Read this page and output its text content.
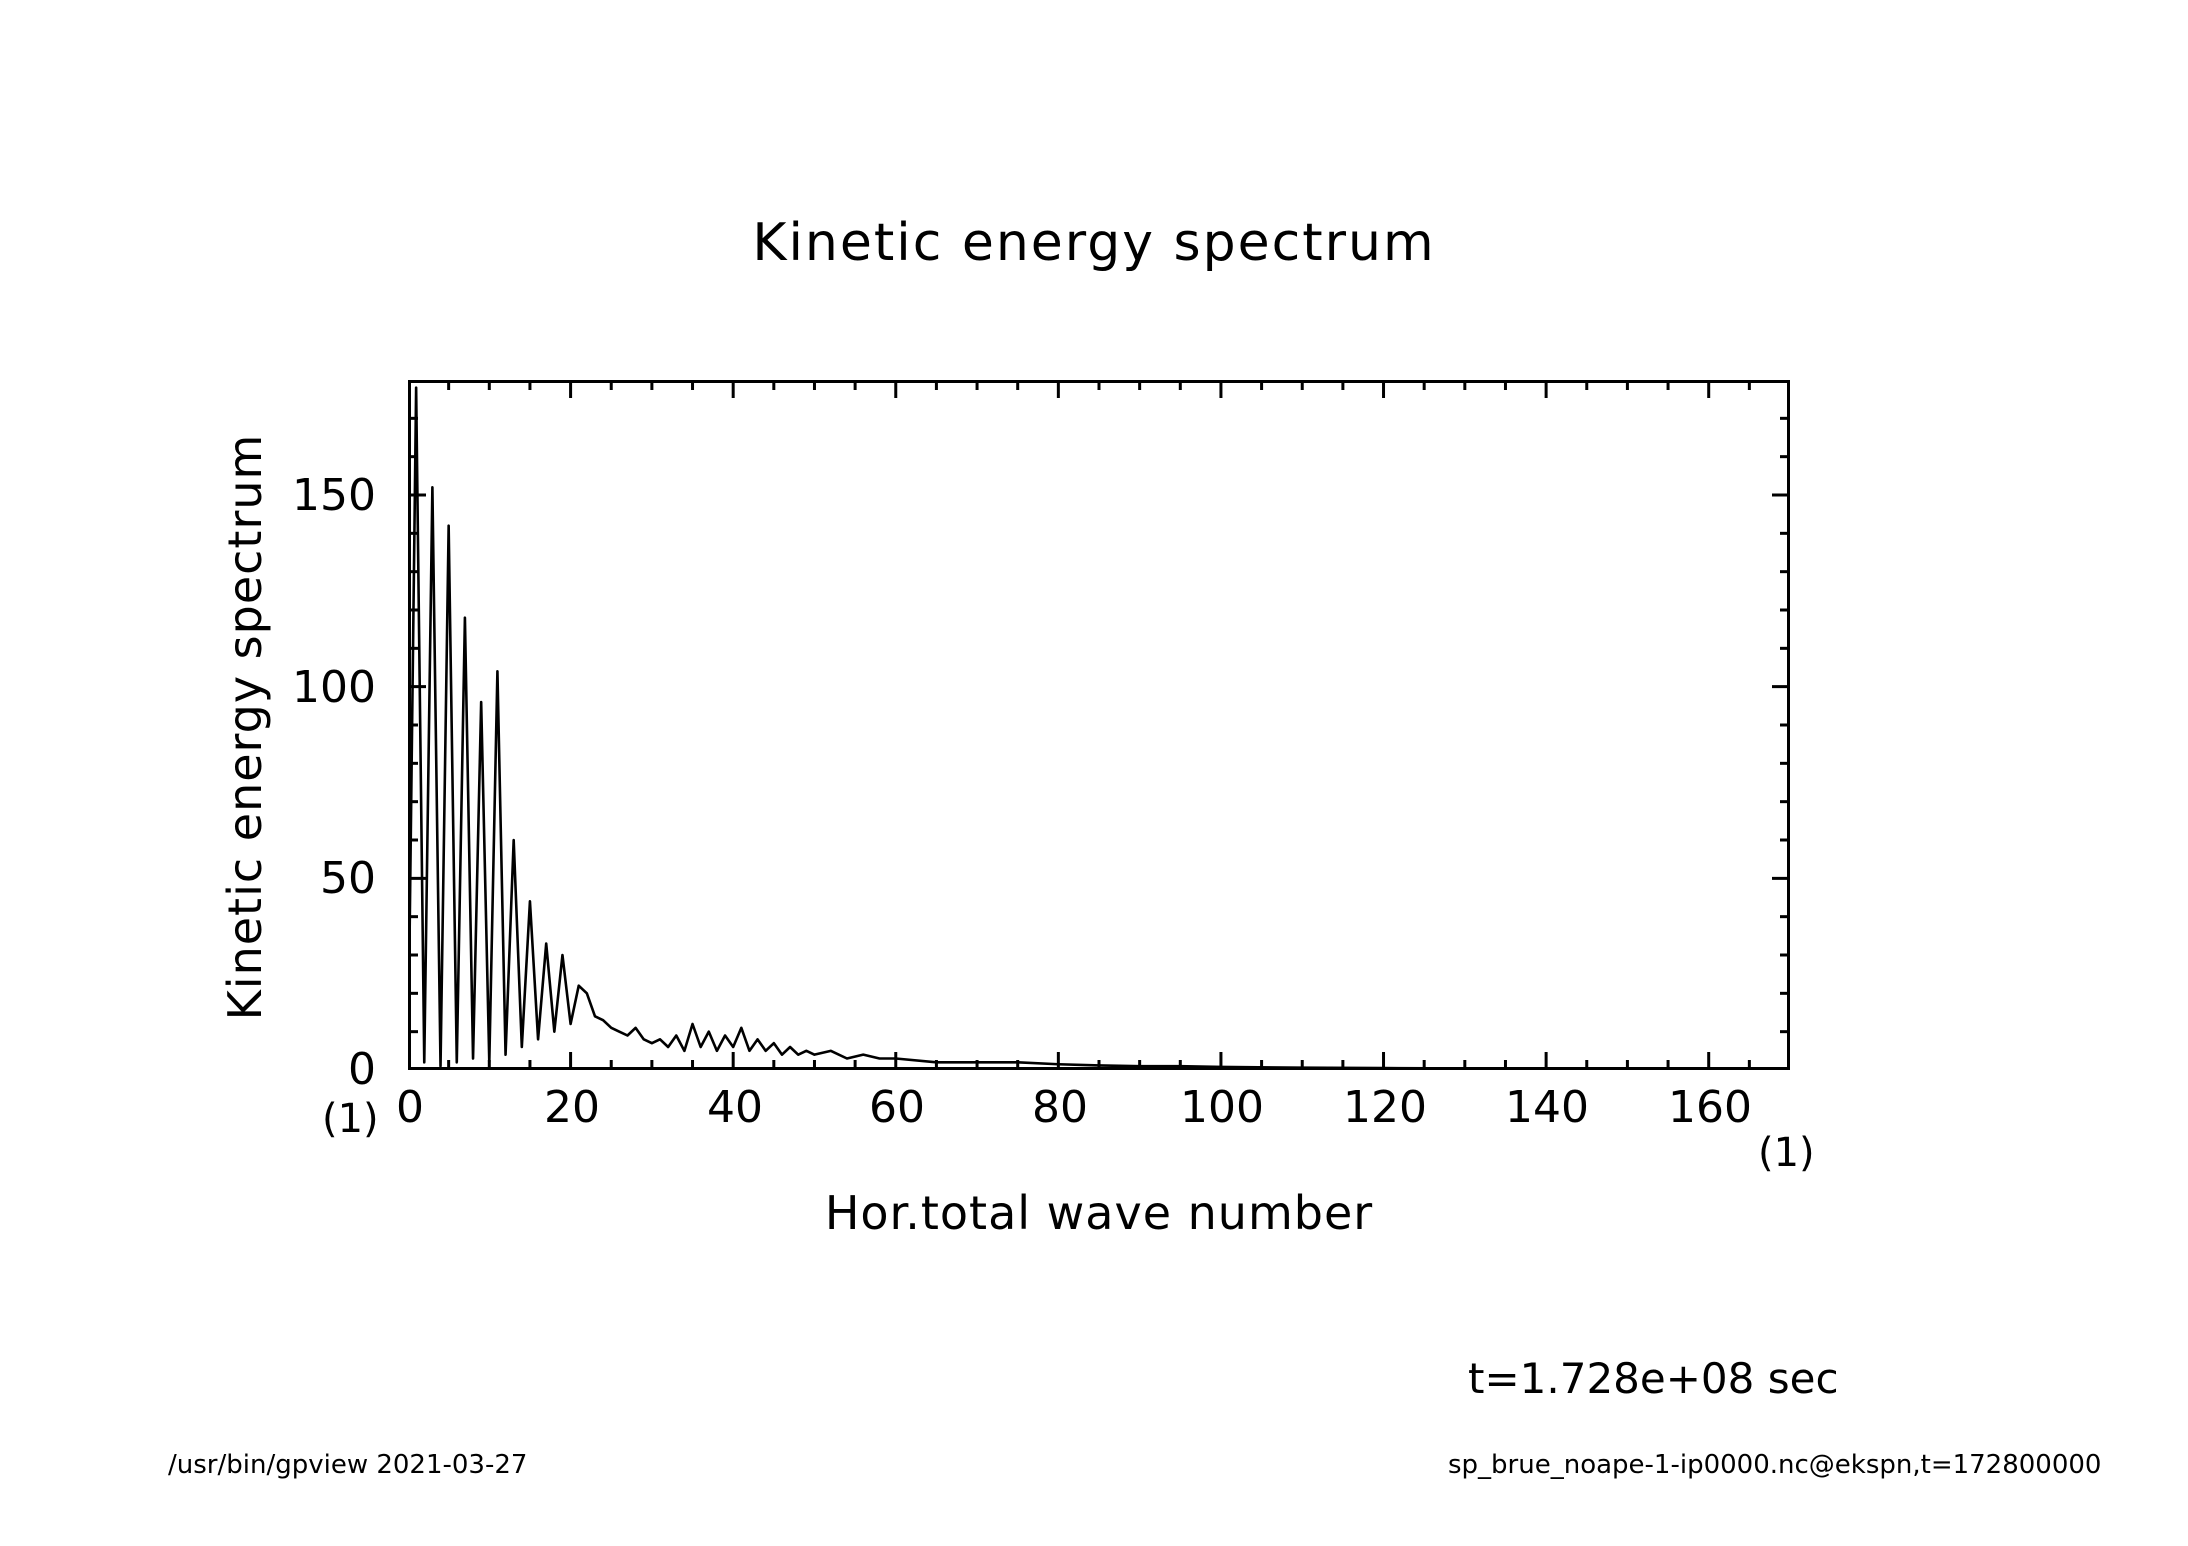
Kinetic energy spectrum
0
50
100
150
0	20	40	60	80	100	120	140	160
Kinetic energy spectrum
Hor.total wave number
(1)
(1)
t=1.728e+08 sec
/usr/bin/gpview 2021-03-27	sp_brue_noape-1-ip0000.nc@ekspn,t=172800000
